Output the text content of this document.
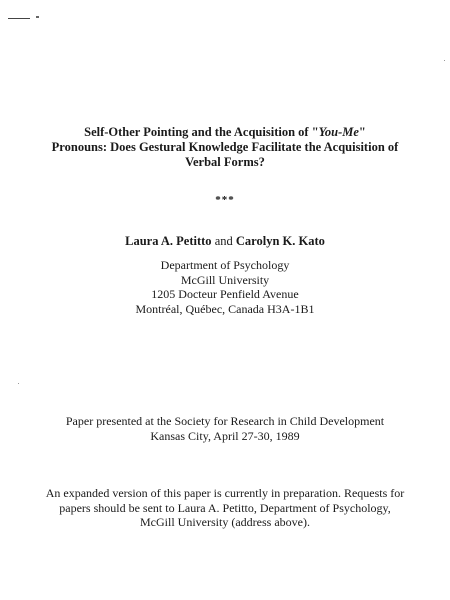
Self-Other Pointing and the Acquisition of "You-Me"
Pronouns: Does Gestural Knowledge Facilitate the Acquisition of
Verbal Forms?
***
Laura A. Petitto and Carolyn K. Kato
Department of Psychology
McGill University
1205 Docteur Penfield Avenue
Montréal, Québec, Canada H3A-1B1
Paper presented at the Society for Research in Child Development
Kansas City, April 27-30, 1989
An expanded version of this paper is currently in preparation. Requests for
papers should be sent to Laura A. Petitto, Department of Psychology,
McGill University (address above).
